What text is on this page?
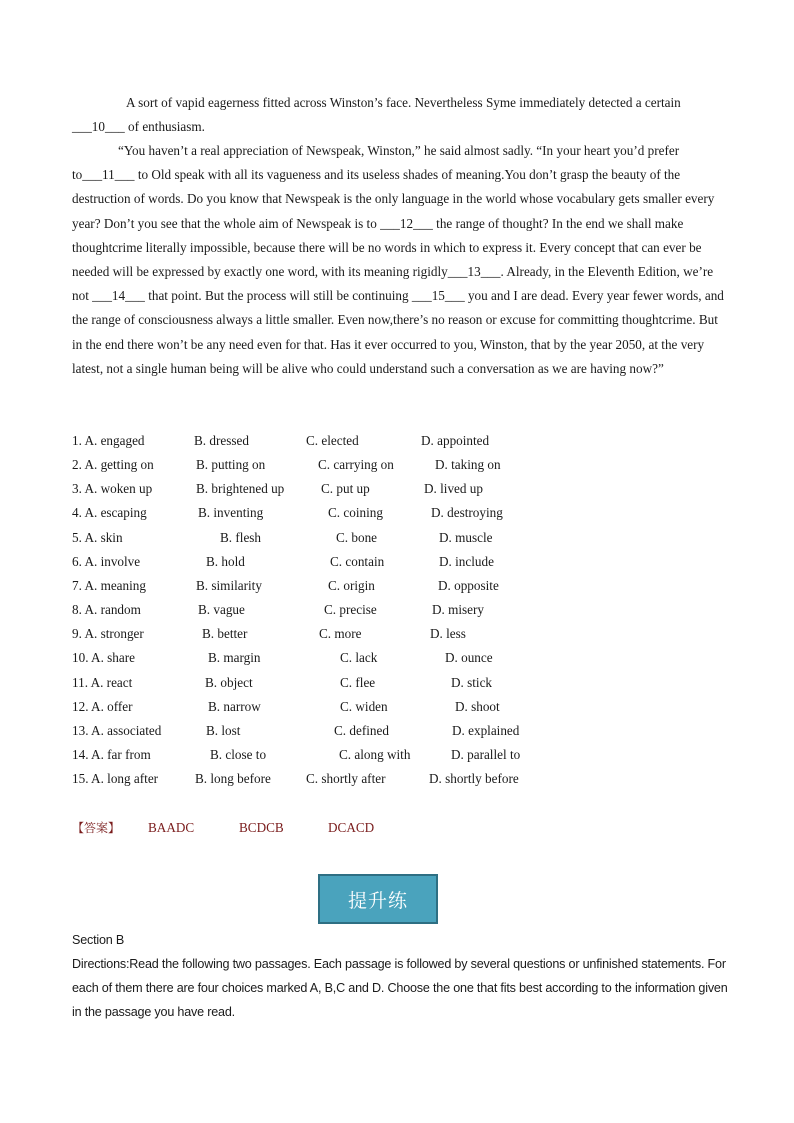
A sort of vapid eagerness fitted across Winston’s face. Nevertheless Syme immediately detected a certain ___10___ of enthusiasm.

“You haven’t a real appreciation of Newspeak, Winston,” he said almost sadly. “In your heart you’d prefer to___11___ to Old speak with all its vagueness and its useless shades of meaning.You don’t grasp the beauty of the destruction of words. Do you know that Newspeak is the only language in the world whose vocabulary gets smaller every year? Don’t you see that the whole aim of Newspeak is to ___12___ the range of thought? In the end we shall make thoughtcrime literally impossible, because there will be no words in which to express it. Every concept that can ever be needed will be expressed by exactly one word, with its meaning rigidly___13___. Already, in the Eleventh Edition, we’re not ___14___ that point. But the process will still be continuing ___15___ you and I are dead. Every year fewer words, and the range of consciousness always a little smaller. Even now,there’s no reason or excuse for committing thoughtcrime. But in the end there won’t be any need even for that. Has it ever occurred to you, Winston, that by the year 2050, at the very latest, not a single human being will be alive who could understand such a conversation as we are having now?”

1. A. engaged	B. dressed	C. elected	D. appointed
2. A. getting on	B. putting on	C. carrying on	D. taking on
3. A. woken up	B. brightened up	C. put up	D. lived up
4. A. escaping	B. inventing	C. coining	D. destroying
5. A. skin	B. flesh	C. bone	D. muscle
6. A. involve	B. hold	C. contain	D. include
7. A. meaning	B. similarity	C. origin	D. opposite
8. A. random	B. vague	C. precise	D. misery
9. A. stronger	B. better	C. more	D. less
10. A. share	B. margin	C. lack	D. ounce
11. A. react	B. object	C. flee	D. stick
12. A. offer	B. narrow	C. widen	D. shoot
13. A. associated	B. lost	C. defined	D. explained
14. A. far from	B. close to	C. along with	D. parallel to
15. A. long after	B. long before	C. shortly after	D. shortly before
【答案】 BAADC	BCDCB	DCACD
提升练

Section B

Directions:Read the following two passages. Each passage is followed by several questions or unfinished statements. For each of them there are four choices marked A, B,C and D. Choose the one that fits best according to the information given in the passage you have read.
